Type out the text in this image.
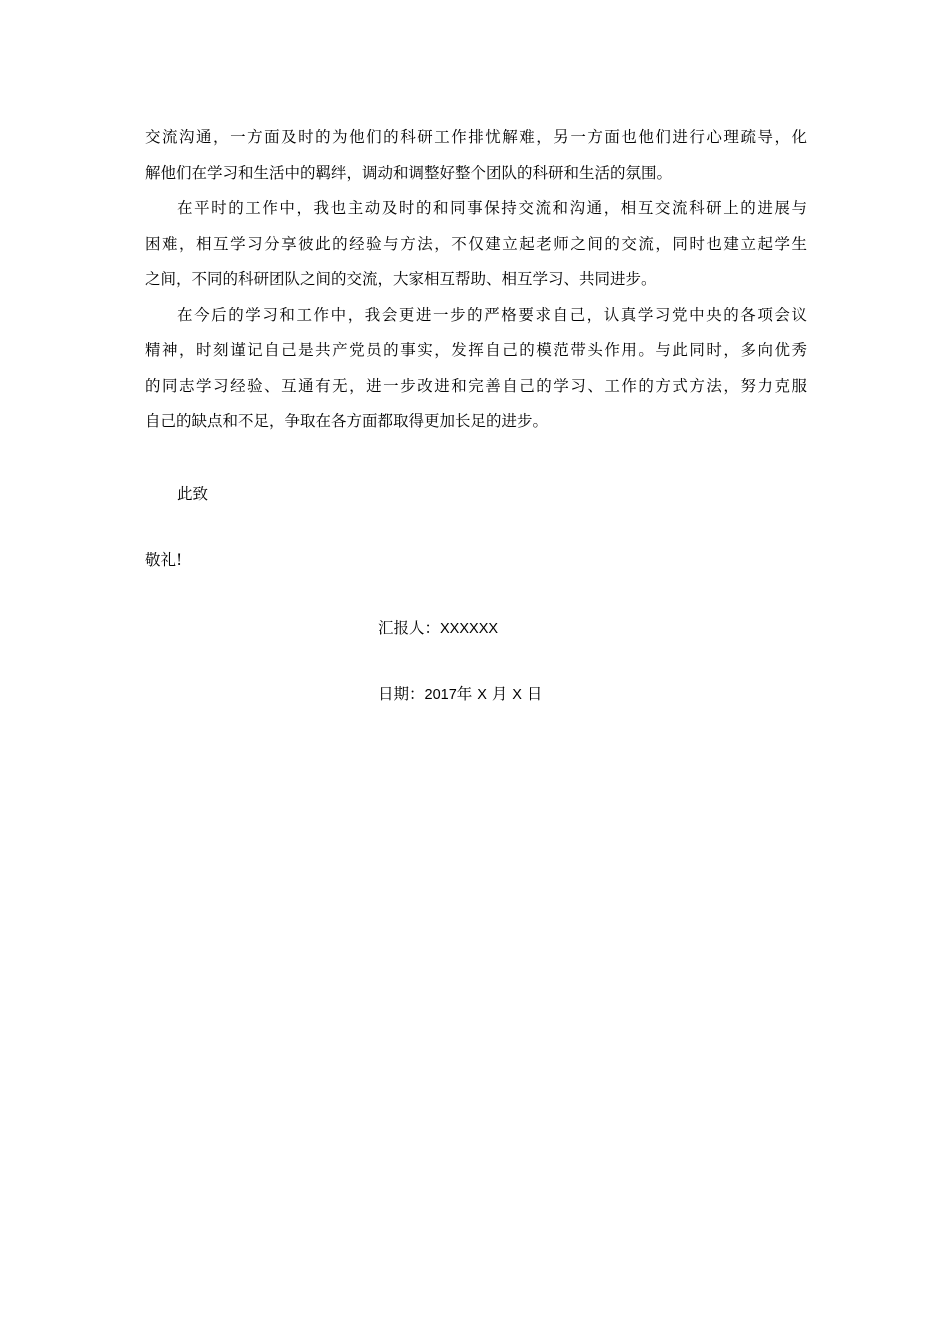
交流沟通，一方面及时的为他们的科研工作排忧解难，另一方面也他们进行心理疏导，化
解他们在学习和生活中的羁绊，调动和调整好整个团队的科研和生活的氛围。

在平时的工作中，我也主动及时的和同事保持交流和沟通，相互交流科研上的进展与
困难，相互学习分享彼此的经验与方法，不仅建立起老师之间的交流，同时也建立起学生
之间，不同的科研团队之间的交流，大家相互帮助、相互学习、共同进步。

在今后的学习和工作中，我会更进一步的严格要求自己，认真学习党中央的各项会议
精神，时刻谨记自己是共产党员的事实，发挥自己的模范带头作用。与此同时，多向优秀
的同志学习经验、互通有无，进一步改进和完善自己的学习、工作的方式方法，努力克服
自己的缺点和不足，争取在各方面都取得更加长足的进步。

此致
敬礼!
汇报人：XXXXXX
日期：2017年 X 月 X 日
